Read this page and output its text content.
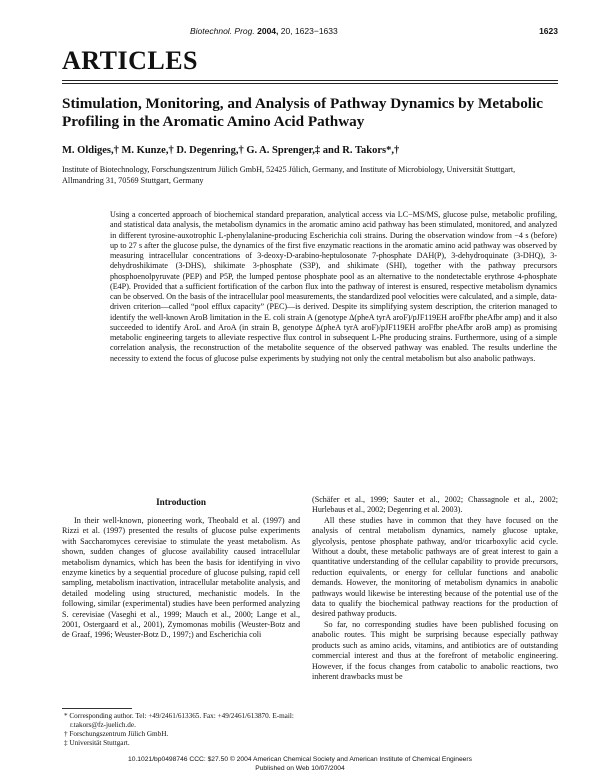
Biotechnol. Prog. 2004, 20, 1623−1633	1623
ARTICLES
Stimulation, Monitoring, and Analysis of Pathway Dynamics by Metabolic Profiling in the Aromatic Amino Acid Pathway
M. Oldiges,† M. Kunze,† D. Degenring,† G. A. Sprenger,‡ and R. Takors*,†
Institute of Biotechnology, Forschungszentrum Jülich GmbH, 52425 Jülich, Germany, and Institute of Microbiology, Universität Stuttgart, Allmandring 31, 70569 Stuttgart, Germany
Using a concerted approach of biochemical standard preparation, analytical access via LC−MS/MS, glucose pulse, metabolic profiling, and statistical data analysis, the metabolism dynamics in the aromatic amino acid pathway has been stimulated, monitored, and analyzed in different tyrosine-auxotrophic L-phenylalanine-producing Escherichia coli strains. During the observation window from −4 s (before) up to 27 s after the glucose pulse, the dynamics of the first five enzymatic reactions in the aromatic amino acid pathway was observed by measuring intracellular concentrations of 3-deoxy-D-arabino-heptulosonate 7-phosphate DAH(P), 3-dehydroquinate (3-DHQ), 3-dehydroshikimate (3-DHS), shikimate 3-phosphate (S3P), and shikimate (SHI), together with the pathway precursors phosphoenolpyruvate (PEP) and P5P, the lumped pentose phosphate pool as an alternative to the nondetectable erythrose 4-phosphate (E4P). Provided that a sufficient fortification of the carbon flux into the pathway of interest is ensured, respective metabolism dynamics can be observed. On the basis of the intracellular pool measurements, the standardized pool velocities were calculated, and a simple, data-driven criterion—called “pool efflux capacity” (PEC)—is derived. Despite its simplifying system description, the criterion managed to identify the well-known AroB limitation in the E. coli strain A (genotype Δ(pheA tyrA aroF)/pJF119EH aroFfbr pheAfbr amp) and it also succeeded to identify AroL and AroA (in strain B, genotype Δ(pheA tyrA aroF)/pJF119EH aroFfbr pheAfbr aroB amp) as promising metabolic engineering targets to alleviate respective flux control in subsequent L-Phe producing strains. Furthermore, using of a simple correlation analysis, the reconstruction of the metabolite sequence of the observed pathway was enabled. The results underline the necessity to extend the focus of glucose pulse experiments by studying not only the central metabolism but also anabolic pathways.
Introduction

In their well-known, pioneering work, Theobald et al. (1997) and Rizzi et al. (1997) presented the results of glucose pulse experiments with Saccharomyces cerevisiae to stimulate the yeast metabolism. As shown, sudden changes of glucose availability caused intracellular metabolism dynamics, which has been the basis for identifying in vivo enzyme kinetics by a sequential procedure of glucose pulsing, rapid cell sampling, metabolism inactivation, intracellular metabolite analysis, and detailed modeling using structured, mechanistic models. In the following, similar (experimental) studies have been performed analyzing S. cerevisiae (Vaseghi et al., 1999; Mauch et al., 2000; Lange et al., 2001, Ostergaard et al., 2001), Zymomonas mobilis (Weuster-Botz and de Graaf, 1996; Weuster-Botz D., 1997;) and Escherichia coli

(Schäfer et al., 1999; Sauter et al., 2002; Chassagnole et al., 2002; Hurlebaus et al., 2002; Degenring et al. 2003).

All these studies have in common that they have focused on the analysis of central metabolism dynamics, namely glucose uptake, glycolysis, pentose phosphate pathway, and/or tricarboxylic acid cycle. Without a doubt, these metabolic pathways are of great interest to gain a quantitative understanding of the cellular capability to provide precursors, reduction equivalents, or energy for cellular functions and anabolic demands. However, the monitoring of metabolism dynamics in anabolic pathways would likewise be interesting because of the potential use of the data to qualify the biochemical pathway reactions for the production of desired pathway products.

So far, no corresponding studies have been published focusing on anabolic routes. This might be surprising because especially pathway products such as amino acids, vitamins, and antibiotics are of outstanding commercial interest and thus at the forefront of metabolic engineering. However, if the focus changes from catabolic to anabolic reactions, two inherent drawbacks must be

* Corresponding author. Tel: +49/2461/613365. Fax: +49/2461/613870. E-mail: r.takors@fz-juelich.de.
† Forschungszentrum Jülich GmbH.
‡ Universität Stuttgart.
10.1021/bp0498746 CCC: $27.50 © 2004 American Chemical Society and American Institute of Chemical Engineers
Published on Web 10/07/2004
